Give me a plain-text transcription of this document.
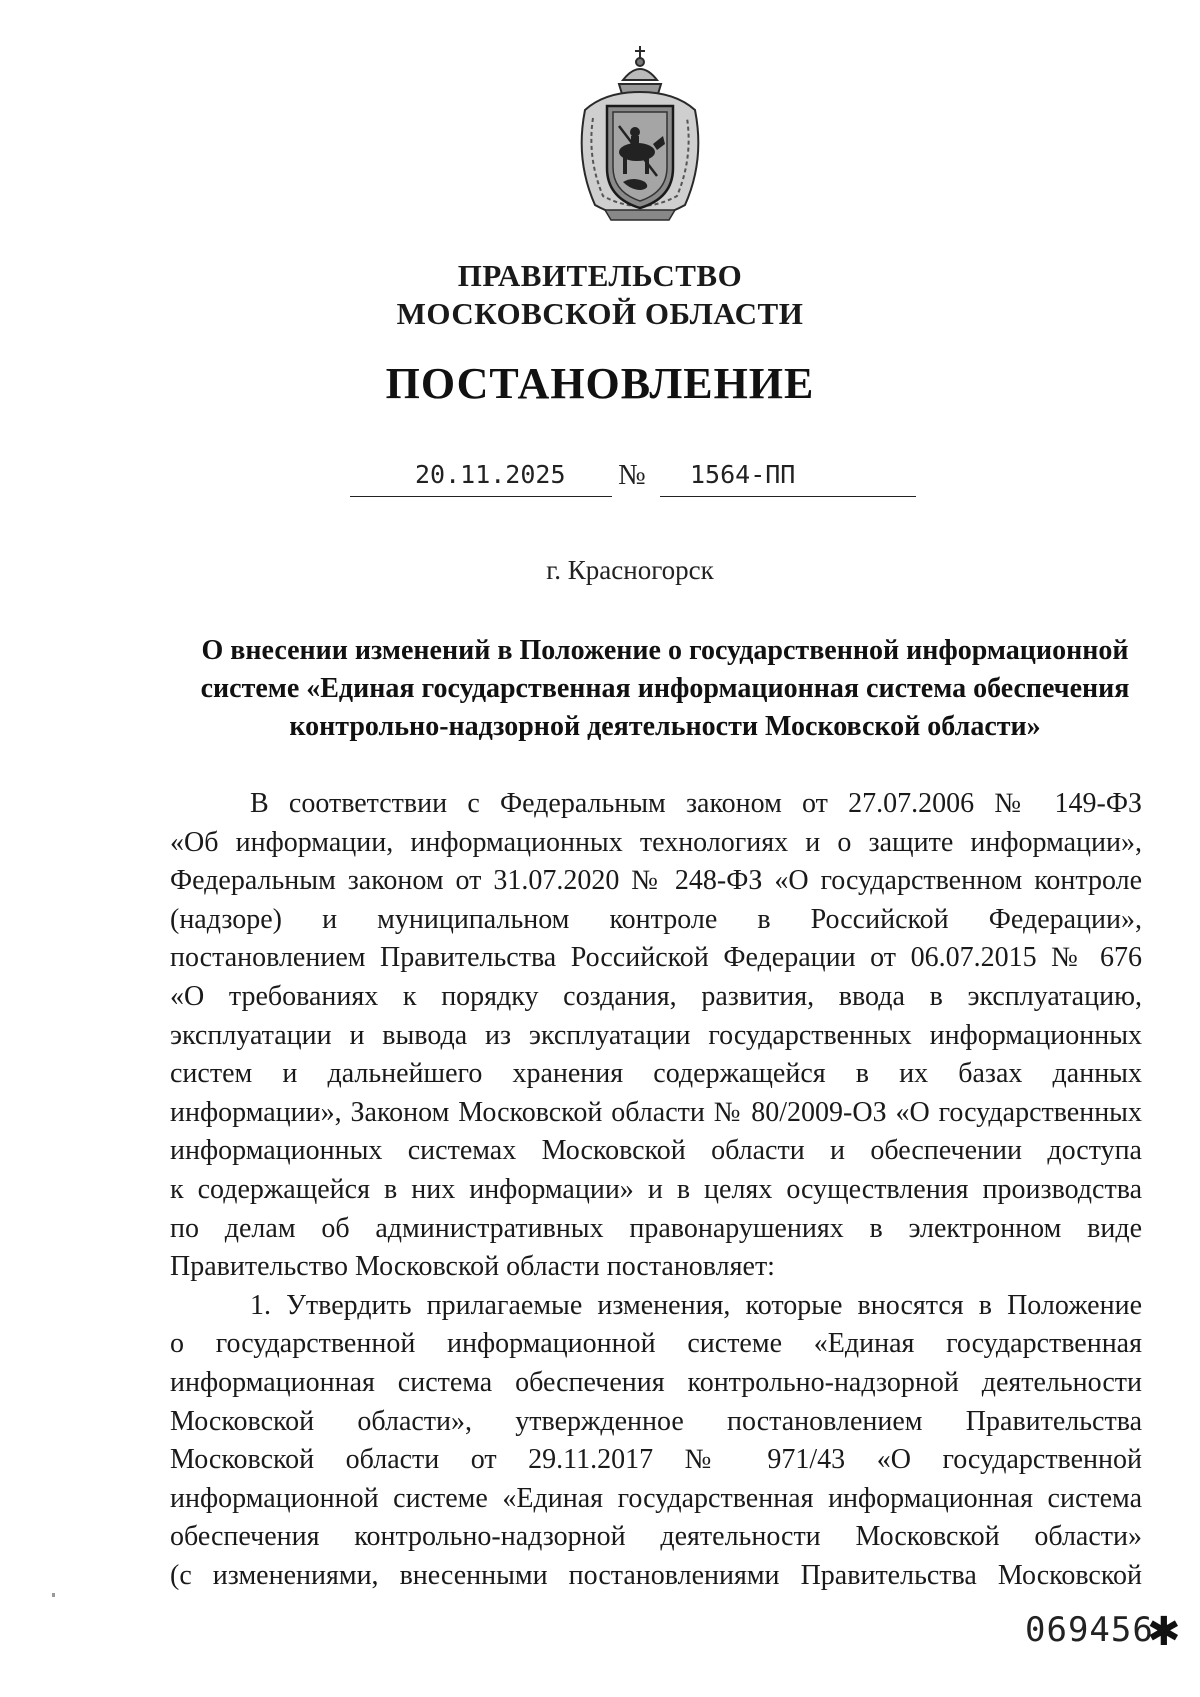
ПРАВИТЕЛЬСТВО
МОСКОВСКОЙ ОБЛАСТИ
ПОСТАНОВЛЕНИЕ
20.11.2025 № 1564-ПП
г. Красногорск
О внесении изменений в Положение о государственной информационной
системе «Единая государственная информационная система обеспечения
контрольно-надзорной деятельности Московской области»
В соответствии с Федеральным законом от 27.07.2006 № 149-ФЗ
«Об информации, информационных технологиях и о защите информации»,
Федеральным законом от 31.07.2020 № 248-ФЗ «О государственном контроле
(надзоре) и муниципальном контроле в Российской Федерации»,
постановлением Правительства Российской Федерации от 06.07.2015 № 676
«О требованиях к порядку создания, развития, ввода в эксплуатацию,
эксплуатации и вывода из эксплуатации государственных информационных
систем и дальнейшего хранения содержащейся в их базах данных
информации», Законом Московской области № 80/2009-ОЗ «О государственных
информационных системах Московской области и обеспечении доступа
к содержащейся в них информации» и в целях осуществления производства
по делам об административных правонарушениях в электронном виде
Правительство Московской области постановляет:
1. Утвердить прилагаемые изменения, которые вносятся в Положение
о государственной информационной системе «Единая государственная
информационная система обеспечения контрольно-надзорной деятельности
Московской области», утвержденное постановлением Правительства
Московской области от 29.11.2017 № 971/43 «О государственной
информационной системе «Единая государственная информационная система
обеспечения контрольно-надзорной деятельности Московской области»
(с изменениями, внесенными постановлениями Правительства Московской
069456
✱
